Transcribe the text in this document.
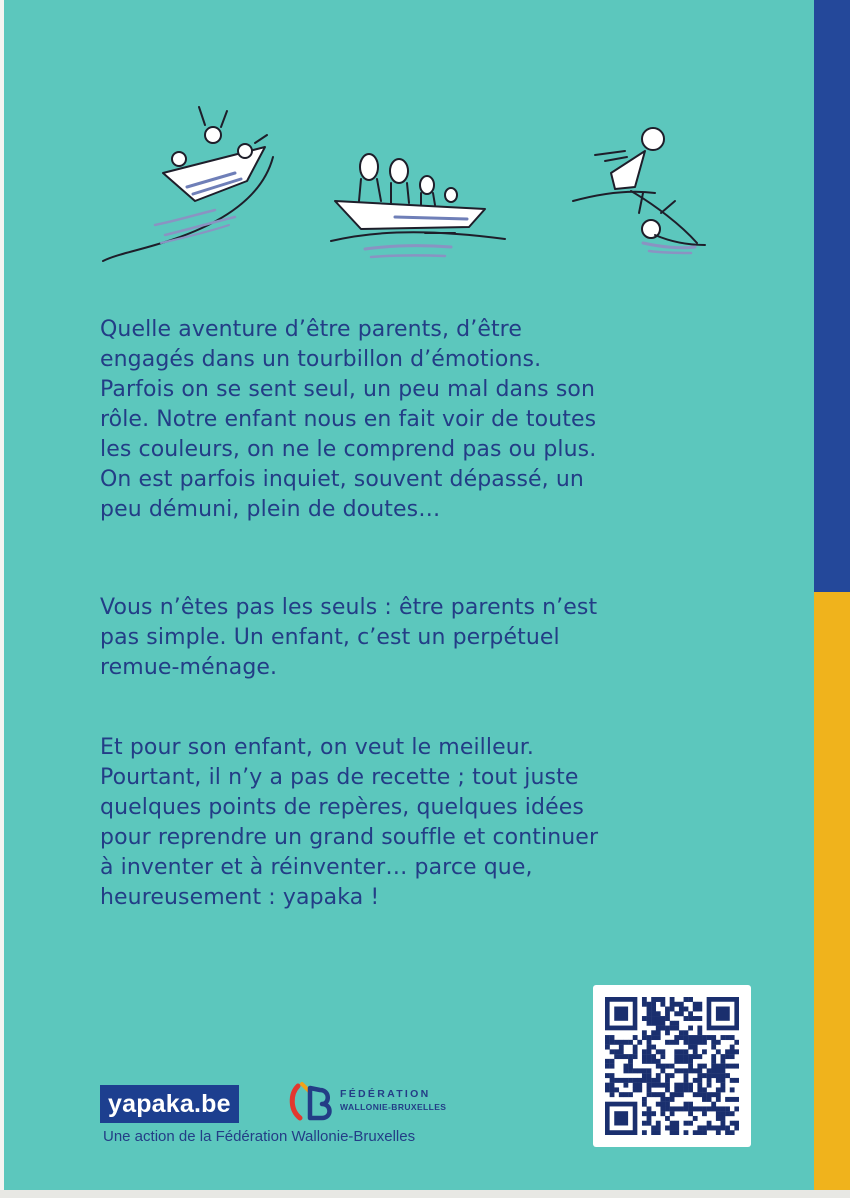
Quelle aventure d’être parents, d’être
engagés dans un tourbillon d’émotions.
Parfois on se sent seul, un peu mal dans son
rôle. Notre enfant nous en fait voir de toutes
les couleurs, on ne le comprend pas ou plus.
On est parfois inquiet, souvent dépassé, un
peu démuni, plein de doutes…
Vous n’êtes pas les seuls : être parents n’est
pas simple. Un enfant, c’est un perpétuel
remue-ménage.
Et pour son enfant, on veut le meilleur.
Pourtant, il n’y a pas de recette ; tout juste
quelques points de repères, quelques idées
pour reprendre un grand souffle et continuer
à inventer et à réinventer… parce que,
heureusement : yapaka !
yapaka.be	FÉDÉRATION
WALLONIE-BRUXELLES
Une action de la Fédération Wallonie-Bruxelles
